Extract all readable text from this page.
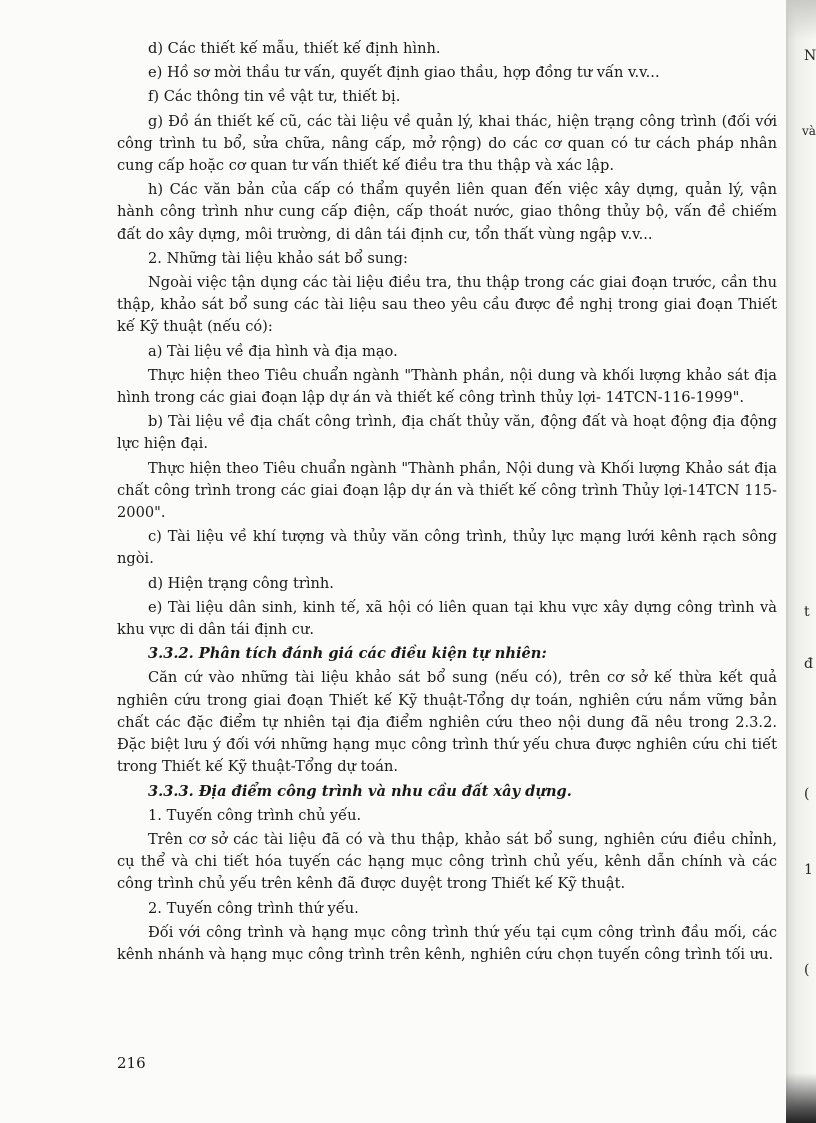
d) Các thiết kế mẫu, thiết kế định hình.

e) Hồ sơ mời thầu tư vấn, quyết định giao thầu, hợp đồng tư vấn v.v...

f) Các thông tin về vật tư, thiết bị.

g) Đồ án thiết kế cũ, các tài liệu về quản lý, khai thác, hiện trạng công trình (đối với công trình tu bổ, sửa chữa, nâng cấp, mở rộng) do các cơ quan có tư cách pháp nhân cung cấp hoặc cơ quan tư vấn thiết kế điều tra thu thập và xác lập.

h) Các văn bản của cấp có thẩm quyền liên quan đến việc xây dựng, quản lý, vận hành công trình như cung cấp điện, cấp thoát nước, giao thông thủy bộ, vấn đề chiếm đất do xây dựng, môi trường, di dân tái định cư, tổn thất vùng ngập v.v...

2. Những tài liệu khảo sát bổ sung:

Ngoài việc tận dụng các tài liệu điều tra, thu thập trong các giai đoạn trước, cần thu thập, khảo sát bổ sung các tài liệu sau theo yêu cầu được đề nghị trong giai đoạn Thiết kế Kỹ thuật (nếu có):

a) Tài liệu về địa hình và địa mạo.

Thực hiện theo Tiêu chuẩn ngành "Thành phần, nội dung và khối lượng khảo sát địa hình trong các giai đoạn lập dự án và thiết kế công trình thủy lợi- 14TCN-116-1999".

b) Tài liệu về địa chất công trình, địa chất thủy văn, động đất và hoạt động địa động lực hiện đại.

Thực hiện theo Tiêu chuẩn ngành "Thành phần, Nội dung và Khối lượng Khảo sát địa chất công trình trong các giai đoạn lập dự án và thiết kế công trình Thủy lợi-14TCN 115-2000".

c) Tài liệu về khí tượng và thủy văn công trình, thủy lực mạng lưới kênh rạch sông ngòi.

d) Hiện trạng công trình.

e) Tài liệu dân sinh, kinh tế, xã hội có liên quan tại khu vực xây dựng công trình và khu vực di dân tái định cư.

3.3.2. Phân tích đánh giá các điều kiện tự nhiên:

Căn cứ vào những tài liệu khảo sát bổ sung (nếu có), trên cơ sở kế thừa kết quả nghiên cứu trong giai đoạn Thiết kế Kỹ thuật-Tổng dự toán, nghiên cứu nắm vững bản chất các đặc điểm tự nhiên tại địa điểm nghiên cứu theo nội dung đã nêu trong 2.3.2. Đặc biệt lưu ý đối với những hạng mục công trình thứ yếu chưa được nghiên cứu chi tiết trong Thiết kế Kỹ thuật-Tổng dự toán.

3.3.3. Địa điểm công trình và nhu cầu đất xây dựng.

1. Tuyến công trình chủ yếu.

Trên cơ sở các tài liệu đã có và thu thập, khảo sát bổ sung, nghiên cứu điều chỉnh, cụ thể và chi tiết hóa tuyến các hạng mục công trình chủ yếu, kênh dẫn chính và các công trình chủ yếu trên kênh đã được duyệt trong Thiết kế Kỹ thuật.

2. Tuyến công trình thứ yếu.

Đối với công trình và hạng mục công trình thứ yếu tại cụm công trình đầu mối, các kênh nhánh và hạng mục công trình trên kênh, nghiên cứu chọn tuyến công trình tối ưu.

216
N
và
t
đ
(
1
(
